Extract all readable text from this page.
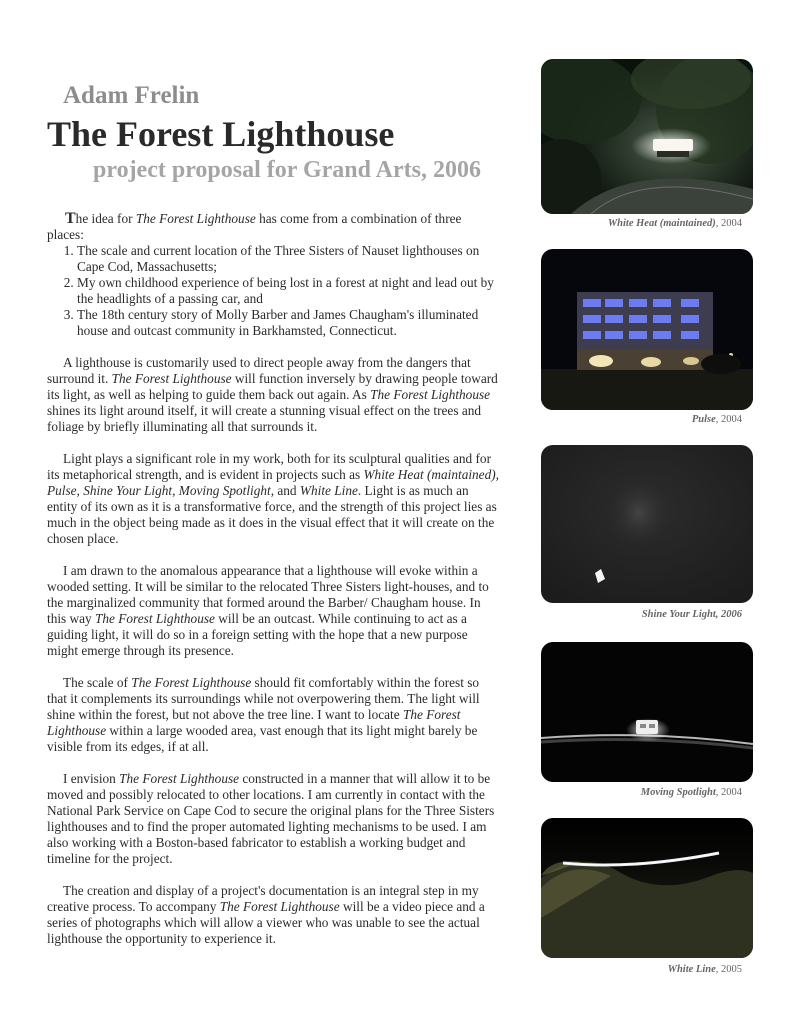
Adam Frelin
The Forest Lighthouse
project proposal for Grand Arts, 2006

The idea for The Forest Lighthouse has come from a combination of three places:

1. The scale and current location of the Three Sisters of Nauset lighthouses on Cape Cod, Massachusetts;
2. My own childhood experience of being lost in a forest at night and lead out by the headlights of a passing car, and
3. The 18th century story of Molly Barber and James Chaugham's illuminated house and outcast community in Barkhamsted, Connecticut.

A lighthouse is customarily used to direct people away from the dangers that surround it. The Forest Lighthouse will function inversely by drawing people toward its light, as well as helping to guide them back out again. As The Forest Lighthouse shines its light around itself, it will create a stunning visual effect on the trees and foliage by briefly illuminating all that surrounds it.

Light plays a significant role in my work, both for its sculptural qualities and for its metaphorical strength, and is evident in projects such as White Heat (maintained), Pulse, Shine Your Light, Moving Spotlight, and White Line. Light is as much an entity of its own as it is a transformative force, and the strength of this project lies as much in the object being made as it does in the visual effect that it will create on the chosen place.

I am drawn to the anomalous appearance that a lighthouse will evoke within a wooded setting. It will be similar to the relocated Three Sisters light-houses, and to the marginalized community that formed around the Barber/ Chaugham house. In this way The Forest Lighthouse will be an outcast. While continuing to act as a guiding light, it will do so in a foreign setting with the hope that a new purpose might emerge through its presence.

The scale of The Forest Lighthouse should fit comfortably within the forest so that it complements its surroundings while not overpowering them. The light will shine within the forest, but not above the tree line. I want to locate The Forest Lighthouse within a large wooded area, vast enough that its light might barely be visible from its edges, if at all.

I envision The Forest Lighthouse constructed in a manner that will allow it to be moved and possibly relocated to other locations. I am currently in contact with the National Park Service on Cape Cod to secure the original plans for the Three Sisters lighthouses and to find the proper automated lighting mechanisms to be used. I am also working with a Boston-based fabricator to establish a working budget and timeline for the project.

The creation and display of a project's documentation is an integral step in my creative process. To accompany The Forest Lighthouse will be a video piece and a series of photographs which will allow a viewer who was unable to see the actual lighthouse the opportunity to experience it.

White Heat (maintained), 2004
Pulse, 2004
Shine Your Light, 2006
Moving Spotlight, 2004
White Line, 2005
